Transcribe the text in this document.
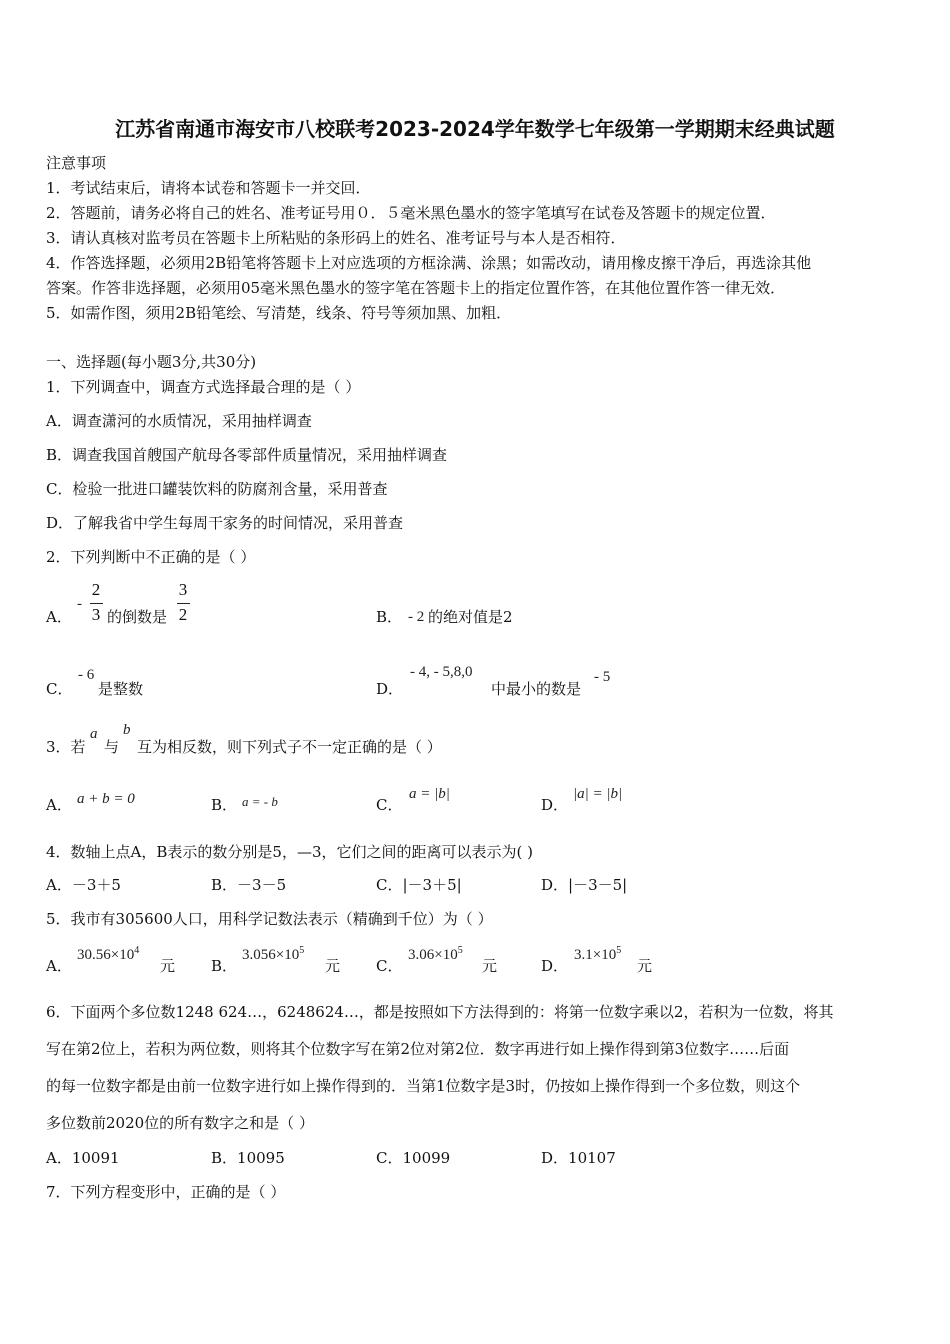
江苏省南通市海安市八校联考2023-2024学年数学七年级第一学期期末经典试题
注意事项
1．考试结束后，请将本试卷和答题卡一并交回．
2．答题前，请务必将自己的姓名、准考证号用０．５毫米黑色墨水的签字笔填写在试卷及答题卡的规定位置．
3．请认真核对监考员在答题卡上所粘贴的条形码上的姓名、准考证号与本人是否相符．
4．作答选择题，必须用2B铅笔将答题卡上对应选项的方框涂满、涂黑；如需改动，请用橡皮擦干净后，再选涂其他
答案。作答非选择题，必须用05毫米黑色墨水的签字笔在答题卡上的指定位置作答，在其他位置作答一律无效．
5．如需作图，须用2B铅笔绘、写清楚，线条、符号等须加黑、加粗．
一、选择题(每小题3分,共30分)
1．下列调查中，调查方式选择最合理的是（ ）
A．调查潇河的水质情况，采用抽样调查
B．调查我国首艘国产航母各零部件质量情况，采用抽样调查
C．检验一批进口罐装饮料的防腐剂含量，采用普查
D．了解我省中学生每周干家务的时间情况，采用普查
2．下列判断中不正确的是（ ）
A．
-
2
3 的倒数是
3
2	B． - 2 的绝对值是2
C．
- 6
是整数	D．
- 4, - 5,8,0
中最小的数是
- 5
3．若
a
与
b
互为相反数，则下列式子不一定正确的是（ ）
A． a + b = 0	B． a = - b	C．
a = |b|
D．
|a| = |b|
4．数轴上点A，B表示的数分别是5，—3，它们之间的距离可以表示为( )
A．－3＋5	B．－3－5	C．|－3＋5|	D．|－3－5|
5．我市有305600人口，用科学记数法表示（精确到千位）为（ ）
A．
$30.56\times 10^4$
元 B．
$3.056\times 10^5$
元 C．
$3.06\times 10^5$
元	D．
$3.1\times 10^5$
元
6．下面两个多位数1248 624…，6248624…，都是按照如下方法得到的：将第一位数字乘以2，若积为一位数，将其
写在第2位上，若积为两位数，则将其个位数字写在第2位对第2位．数字再进行如上操作得到第3位数字……后面
的每一位数字都是由前一位数字进行如上操作得到的．当第1位数字是3时，仍按如上操作得到一个多位数，则这个
多位数前2020位的所有数字之和是（ ）
A．10091	B．10095	C．10099	D．10107
7．下列方程变形中，正确的是（ ）
